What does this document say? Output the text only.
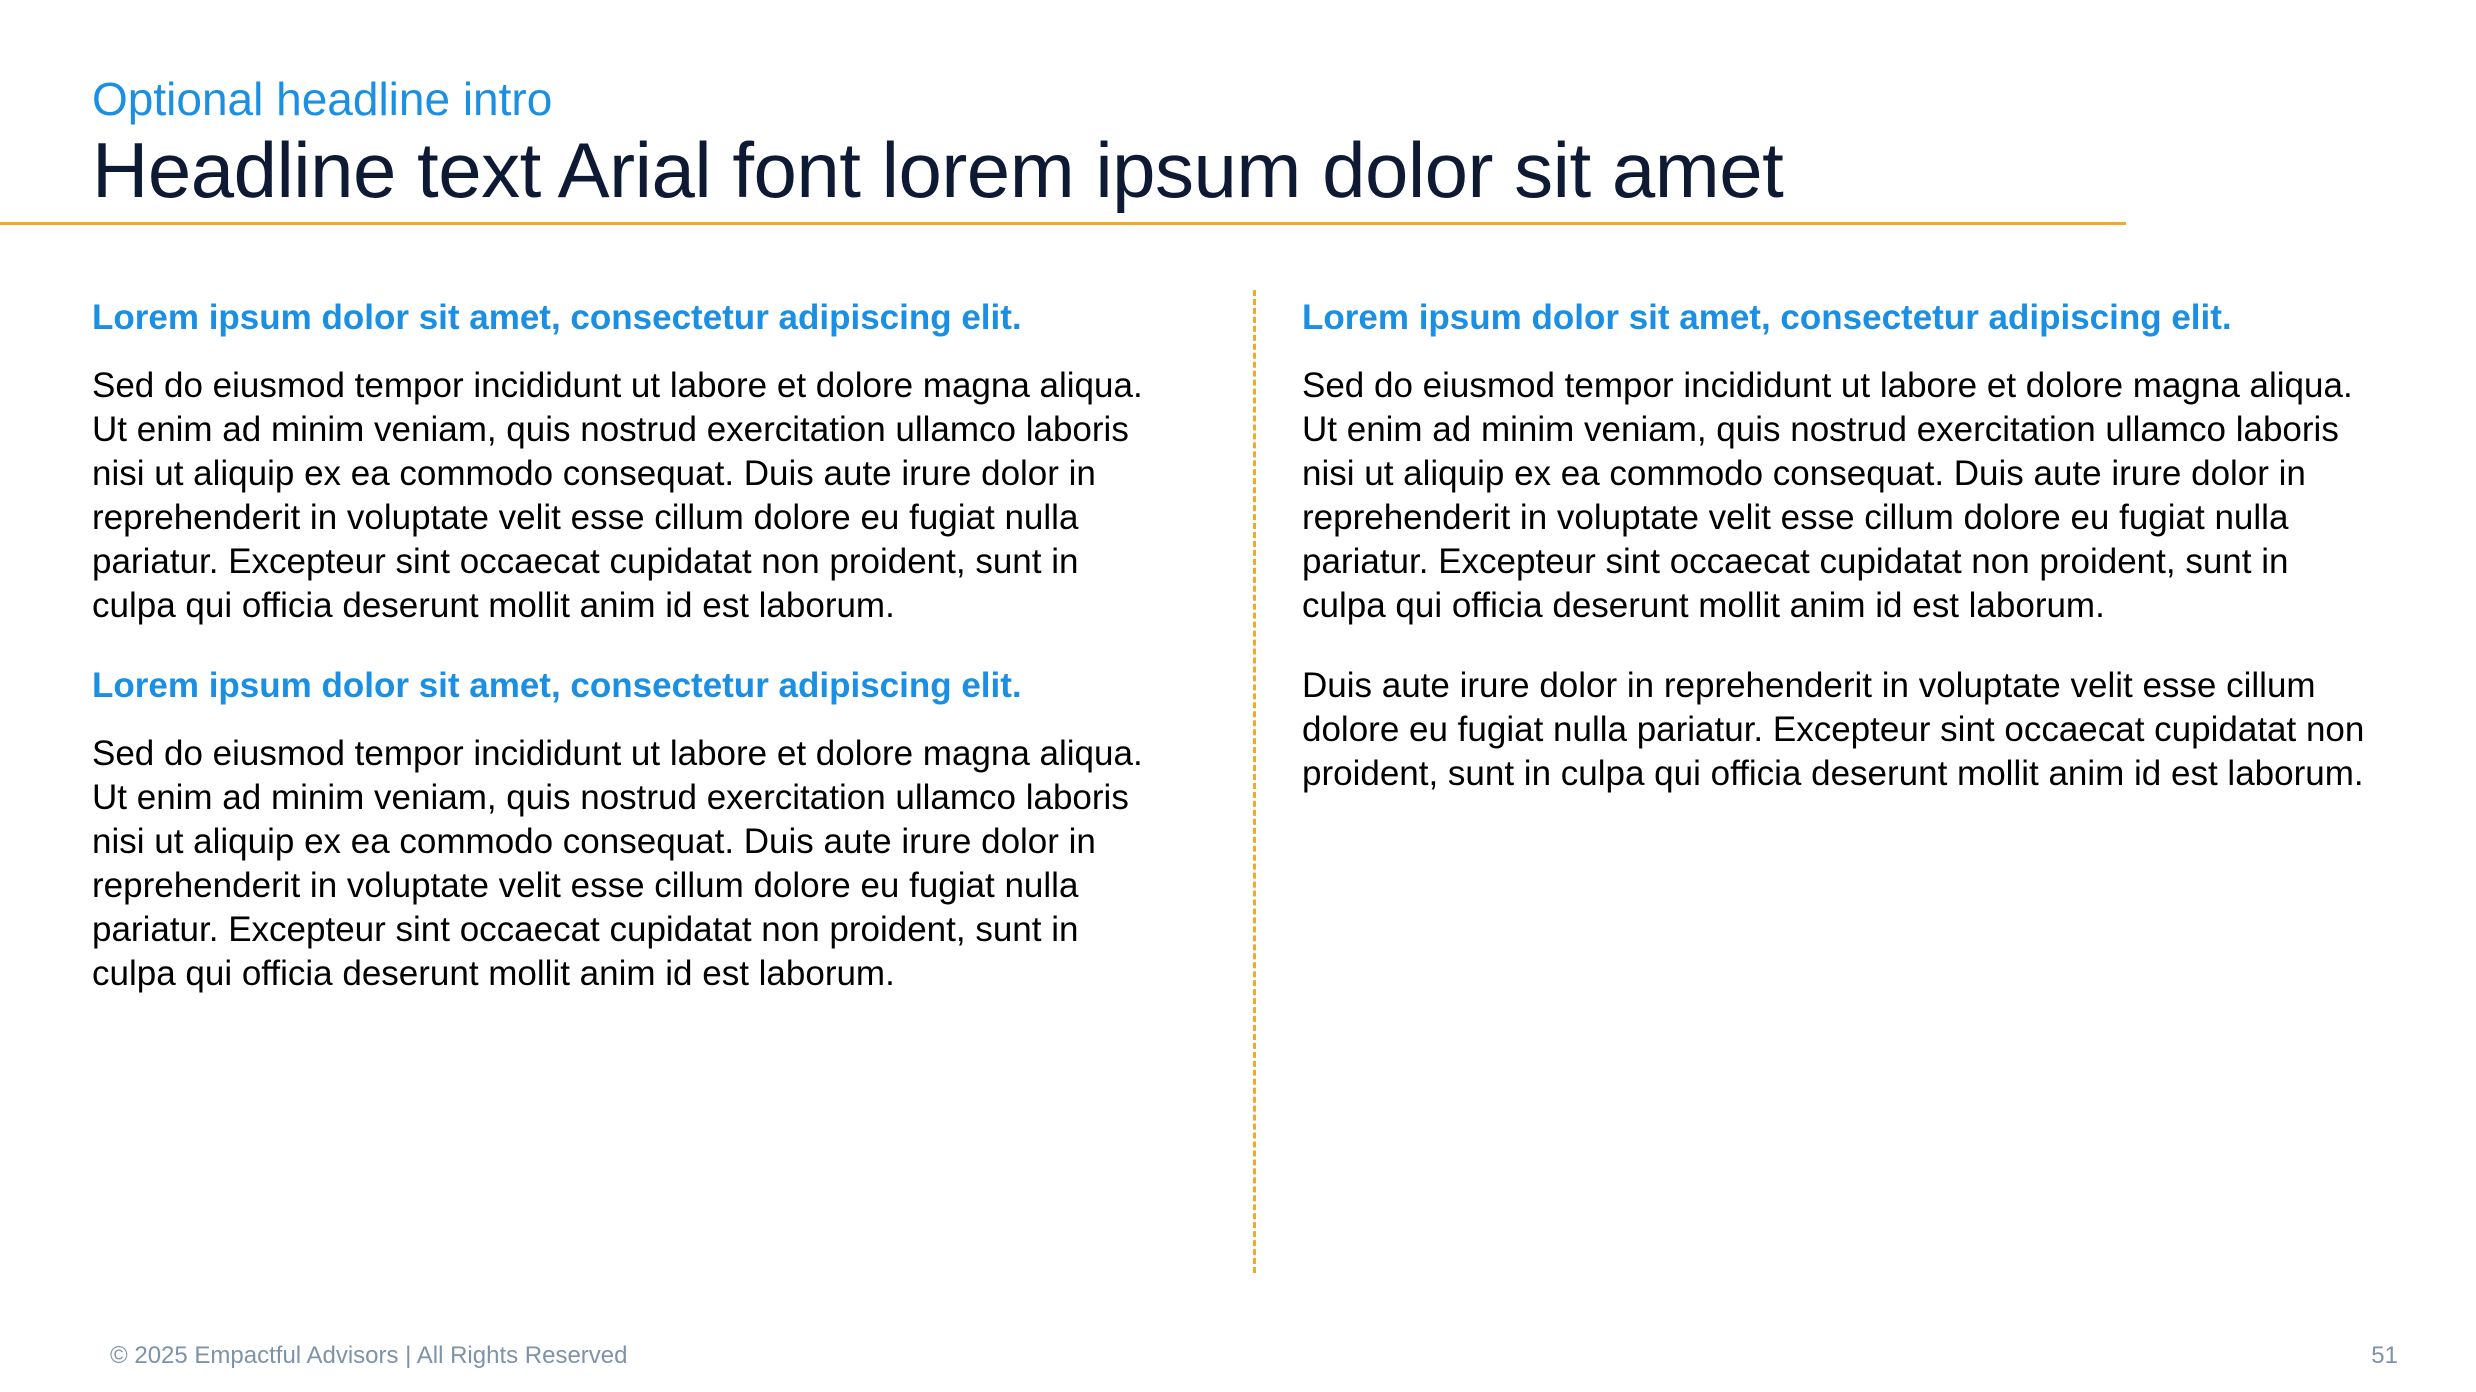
Optional headline intro
Headline text Arial font lorem ipsum dolor sit amet
Lorem ipsum dolor sit amet, consectetur adipiscing elit.
Sed do eiusmod tempor incididunt ut labore et dolore magna aliqua.
Ut enim ad minim veniam, quis nostrud exercitation ullamco laboris
nisi ut aliquip ex ea commodo consequat. Duis aute irure dolor in
reprehenderit in voluptate velit esse cillum dolore eu fugiat nulla
pariatur. Excepteur sint occaecat cupidatat non proident, sunt in
culpa qui officia deserunt mollit anim id est laborum.
Lorem ipsum dolor sit amet, consectetur adipiscing elit.
Sed do eiusmod tempor incididunt ut labore et dolore magna aliqua.
Ut enim ad minim veniam, quis nostrud exercitation ullamco laboris
nisi ut aliquip ex ea commodo consequat. Duis aute irure dolor in
reprehenderit in voluptate velit esse cillum dolore eu fugiat nulla
pariatur. Excepteur sint occaecat cupidatat non proident, sunt in
culpa qui officia deserunt mollit anim id est laborum.
Lorem ipsum dolor sit amet, consectetur adipiscing elit.
Sed do eiusmod tempor incididunt ut labore et dolore magna aliqua.
Ut enim ad minim veniam, quis nostrud exercitation ullamco laboris
nisi ut aliquip ex ea commodo consequat. Duis aute irure dolor in
reprehenderit in voluptate velit esse cillum dolore eu fugiat nulla
pariatur. Excepteur sint occaecat cupidatat non proident, sunt in
culpa qui officia deserunt mollit anim id est laborum.
Duis aute irure dolor in reprehenderit in voluptate velit esse cillum
dolore eu fugiat nulla pariatur. Excepteur sint occaecat cupidatat non
proident, sunt in culpa qui officia deserunt mollit anim id est laborum.
© 2025 Empactful Advisors | All Rights Reserved	51
